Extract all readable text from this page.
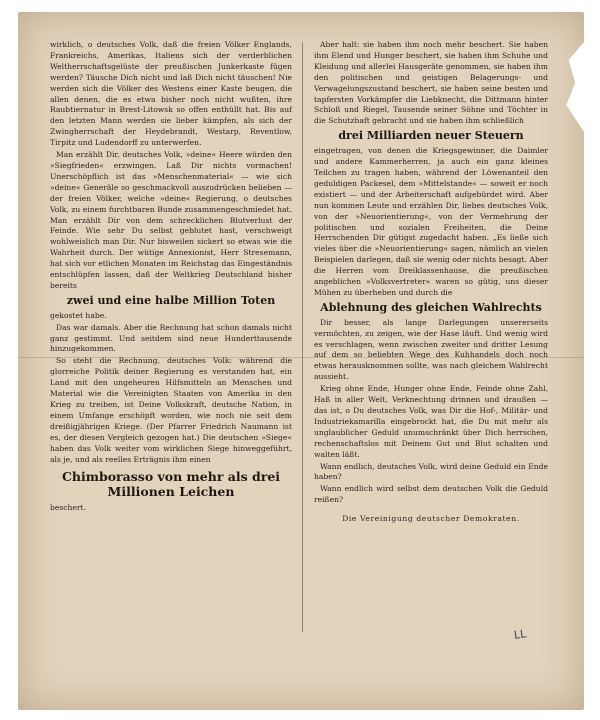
wirklich, o deutsches Volk, daß die freien Völker Englands, Frankreichs, Amerikas, Italiens sich der verderblichen Weltherrschaftsgelüste der preußischen Junkerkaste fügen werden? Täusche Dich nicht und laß Dich nicht täuschen! Nie werden sich die Völker des Westens einer Kaste beugen, die allen denen, die es etwa bisher noch nicht wußten, ihre Raubtiernatur in Brest-Litowsk so offen enthüllt hat. Bis auf den letzten Mann werden sie lieber kämpfen, als sich der Zwingherrschaft der Heydebrandt, Westarp, Reventlow, Tirpitz und Ludendorff zu unterwerfen.

Man erzählt Dir, deutsches Volk, »deine« Heere würden den »Siegfrieden« erzwingen. Laß Dir nichts vormachen! Unerschöpflich ist das »Menschenmaterial« — wie sich »deine« Generäle so geschmackvoll auszudrücken belieben — der freien Völker, welche »deine« Regierung, o deutsches Volk, zu einem furchtbaren Bunde zusammengeschmiedet hat. Man erzählt Dir von dem schrecklichen Blutverlust der Feinde. Wie sehr Du selbst geblutet hast, verschweigt wohlweislich man Dir. Nur bisweilen sickert so etwas wie die Wahrheit durch. Der wütige Annexionist, Herr Stresemann, hat sich vor etlichen Monaten im Reichstag das Eingeständnis entschlüpfen lassen, daß der Weltkrieg Deutschland bisher bereits

zwei und eine halbe Million Toten

gekostet habe.

Das war damals. Aber die Rechnung hat schon damals nicht ganz gestimmt. Und seitdem sind neue Hunderttausende hinzugekommen.

So steht die Rechnung, deutsches Volk: während die glorreiche Politik deiner Regierung es verstanden hat, ein Land mit den ungeheuren Hilfsmitteln an Menschen und Material wie die Vereinigten Staaten von Amerika in den Krieg zu treiben, ist Deine Volkskraft, deutsche Nation, in einem Umfange erschöpft worden, wie noch nie seit dem dreißigjährigen Kriege. (Der Pfarrer Friedrich Naumann ist es, der diesen Vergleich gezogen hat.) Die deutschen »Siege« haben das Volk weiter vom wirklichen Siege hinweggeführt, als je, und als reelles Erträgnis ihm einen

Chimborasso von mehr als drei Millionen Leichen

beschert.

Aber halt: sie haben ihm noch mehr beschert. Sie haben ihm Elend und Hunger beschert, sie haben ihm Schuhe und Kleidung und allerlei Hausgeräte genommen, sie haben ihm den politischen und geistigen Belagerungs- und Verwagelungszustand beschert, sie haben seine besten und tapfersten Vorkämpfer die Liebknecht, die Dittmann hinter Schloß und Riegel, Tausende seiner Söhne und Töchter in die Schutzhaft gebracht und sie haben ihm schließlich

drei Milliarden neuer Steuern

eingetragen, von denen die Kriegsgewinner, die Daimler und andere Kammerherren, ja auch ein ganz kleines Teilchen zu tragen haben, während der Löwenanteil den geduldigen Packesel, dem »Mittelstande« — soweit er noch existiert — und der Arbeiterschaft aufgebürdet wird. Aber nun kommen Leute und erzählen Dir, liebes deutsches Volk, von der »Neuorientierung«, von der Vermehrung der politischen und sozialen Freiheiten, die Deine Herrschenden Dir gütigst zugedacht haben. „Es ließe sich vieles über die »Neuorientierung« sagen, nämlich an vielen Beispielen darlegen, daß sie wenig oder nichts besagt. Aber die Herren vom Dreiklassenhause, die preußischen angeblichen »Volksvertreter« waren so gütig, uns dieser Mühen zu überheben und durch die

Ablehnung des gleichen Wahlrechts

Dir besser, als lange Darlegungen unsererseits vermöchten, zu zeigen, wie der Hase läuft. Und wenig wird es verschlagen, wenn zwischen zweiter und dritter Lesung auf dem so beliebten Wege des Kuhhandels doch noch etwas herausknommen sollte, was nach gleichem Wahlrecht aussieht.

Krieg ohne Ende, Hunger ohne Ende, Feinde ohne Zahl, Haß in aller Welt, Verknechtung drinnen und draußen — das ist, o Du deutsches Volk, was Dir die Hof-, Militär- und Industriekamarilla eingebrockt hat, die Du mit mehr als unglaublicher Geduld unumschränkt über Dich herrschen, rechenschaftslos mit Deinem Gut und Blut schalten und walten läßt.

Wann endlich, deutsches Volk, wird deine Geduld ein Ende haben?

Wann endlich wird selbst dem deutschen Volk die Geduld reißen?

Die Vereinigung deutscher Demokraten.

LL
